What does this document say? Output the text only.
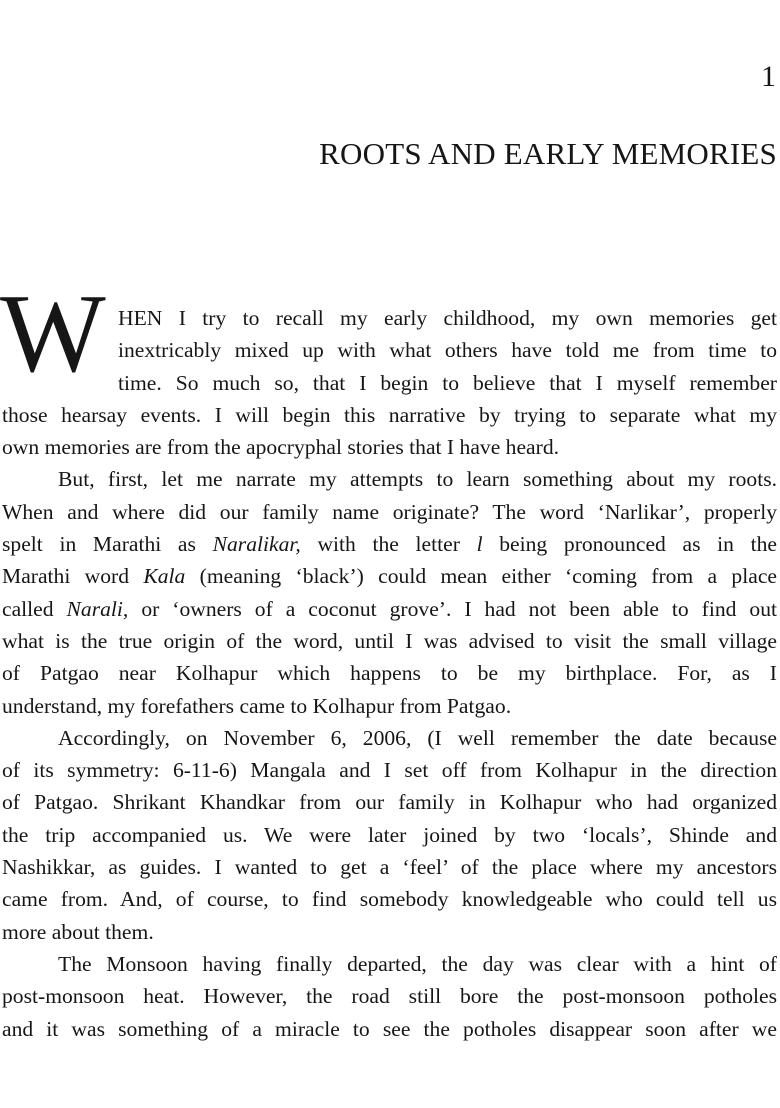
1
ROOTS AND EARLY MEMORIES
W HEN I try to recall my early childhood, my own memories get
inextricably mixed up with what others have told me from time to
time. So much so, that I begin to believe that I myself remember
those hearsay events. I will begin this narrative by trying to separate what my
own memories are from the apocryphal stories that I have heard.
But, first, let me narrate my attempts to learn something about my roots.
When and where did our family name originate? The word ‘Narlikar’, properly
spelt in Marathi as Naralikar, with the letter l being pronounced as in the
Marathi word Kala (meaning ‘black’) could mean either ‘coming from a place
called Narali, or ‘owners of a coconut grove’. I had not been able to find out
what is the true origin of the word, until I was advised to visit the small village
of Patgao near Kolhapur which happens to be my birthplace. For, as I
understand, my forefathers came to Kolhapur from Patgao.
Accordingly, on November 6, 2006, (I well remember the date because
of its symmetry: 6-11-6) Mangala and I set off from Kolhapur in the direction
of Patgao. Shrikant Khandkar from our family in Kolhapur who had organized
the trip accompanied us. We were later joined by two ‘locals’, Shinde and
Nashikkar, as guides. I wanted to get a ‘feel’ of the place where my ancestors
came from. And, of course, to find somebody knowledgeable who could tell us
more about them.
The Monsoon having finally departed, the day was clear with a hint of
post-monsoon heat. However, the road still bore the post-monsoon potholes
and it was something of a miracle to see the potholes disappear soon after we
